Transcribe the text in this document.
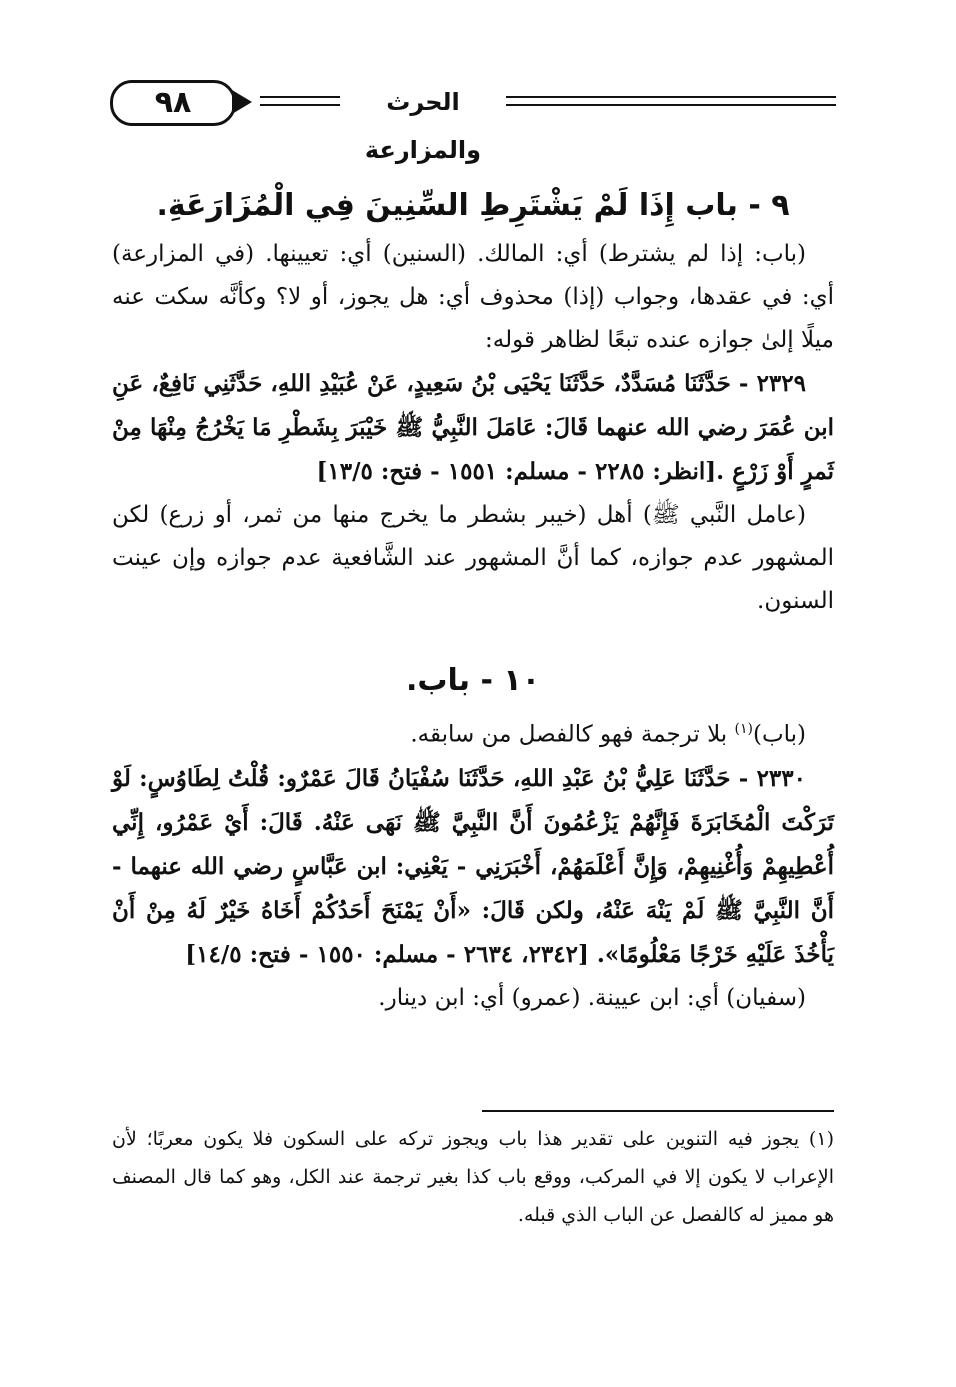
٩٨	الحرث والمزارعة
٩ - باب إِذَا لَمْ يَشْتَرِطِ السِّنِينَ فِي الْمُزَارَعَةِ.

(باب: إذا لم يشترط) أي: المالك. (السنين) أي: تعيينها. (في المزارعة) أي: في عقدها، وجواب (إذا) محذوف أي: هل يجوز، أو لا؟ وكأنَّه سكت عنه ميلًا إلىٰ جوازه عنده تبعًا لظاهر قوله:

٢٣٢٩ - حَدَّثَنَا مُسَدَّدٌ، حَدَّثَنَا يَحْيَى بْنُ سَعِيدٍ، عَنْ عُبَيْدِ اللهِ، حَدَّثَنِي نَافِعٌ، عَنِ ابن عُمَرَ رضي الله عنهما قَالَ: عَامَلَ النَّبِيُّ ﷺ خَيْبَرَ بِشَطْرِ مَا يَخْرُجُ مِنْهَا مِنْ ثَمرٍ أَوْ زَرْعٍ .[انظر: ٢٢٨٥ - مسلم: ١٥٥١ - فتح: ١٣/٥]

(عامل النَّبي ﷺ) أهل (خيبر بشطر ما يخرج منها من ثمر، أو زرع) لكن المشهور عدم جوازه، كما أنَّ المشهور عند الشَّافعية عدم جوازه وإن عينت السنون.

١٠ - باب.

(باب)$^{(١)}$ بلا ترجمة فهو كالفصل من سابقه.

٢٣٣٠ - حَدَّثَنَا عَلِيُّ بْنُ عَبْدِ اللهِ، حَدَّثَنَا سُفْيَانُ قَالَ عَمْرٌو: قُلْتُ لِطَاوُسٍ: لَوْ تَرَكْتَ الْمُخَابَرَةَ فَإِنَّهُمْ يَزْعُمُونَ أَنَّ النَّبِيَّ ﷺ نَهَى عَنْهُ. قَالَ: أَيْ عَمْرُو، إِنِّي أُعْطِيهِمْ وَأُغْنِيهِمْ، وَإِنَّ أَعْلَمَهُمْ، أَخْبَرَنِي - يَعْنِي: ابن عَبَّاسٍ رضي الله عنهما - أَنَّ النَّبِيَّ ﷺ لَمْ يَنْهَ عَنْهُ، ولكن قَالَ: «أَنْ يَمْنَحَ أَحَدُكُمْ أَخَاهُ خَيْرٌ لَهُ مِنْ أَنْ يَأْخُذَ عَلَيْهِ خَرْجًا مَعْلُومًا». [٢٣٤٢، ٢٦٣٤ - مسلم: ١٥٥٠ - فتح: ١٤/٥]

(سفيان) أي: ابن عيينة. (عمرو) أي: ابن دينار.

(١) يجوز فيه التنوين على تقدير هذا باب ويجوز تركه على السكون فلا يكون معربًا؛ لأن الإعراب لا يكون إلا في المركب، ووقع باب كذا بغير ترجمة عند الكل، وهو كما قال المصنف هو مميز له كالفصل عن الباب الذي قبله.
